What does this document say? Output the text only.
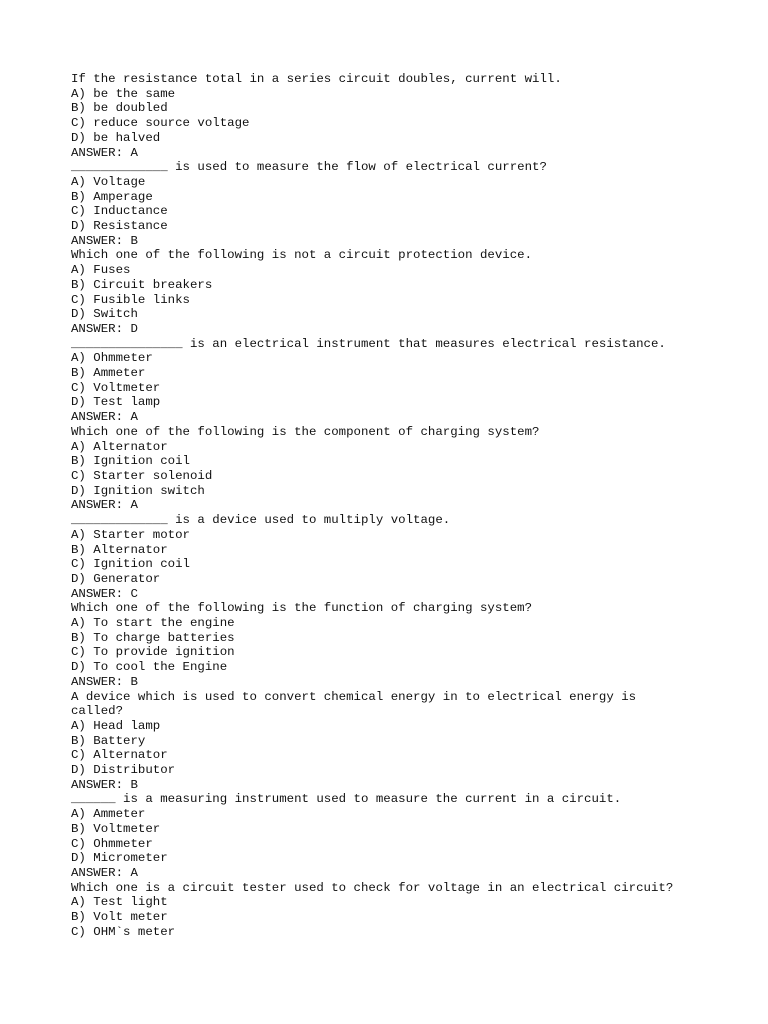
If the resistance total in a series circuit doubles, current will.

A) be the same

B) be doubled

C) reduce source voltage

D) be halved

ANSWER: A

_____________ is used to measure the flow of electrical current?

A) Voltage

B) Amperage

C) Inductance

D) Resistance

ANSWER: B

Which one of the following is not a circuit protection device.

A) Fuses

B) Circuit breakers

C) Fusible links

D) Switch

ANSWER: D

_______________ is an electrical instrument that measures electrical resistance.

A) Ohmmeter

B) Ammeter

C) Voltmeter

D) Test lamp

ANSWER: A

Which one of the following is the component of charging system?

A) Alternator

B) Ignition coil

C) Starter solenoid

D) Ignition switch

ANSWER: A

_____________ is a device used to multiply voltage.

A) Starter motor

B) Alternator

C) Ignition coil

D) Generator

ANSWER: C

Which one of the following is the function of charging system?

A) To start the engine

B) To charge batteries

C) To provide ignition

D) To cool the Engine

ANSWER: B

A device which is used to convert chemical energy in to electrical energy is called?

A) Head lamp

B) Battery

C) Alternator

D) Distributor

ANSWER: B

______ is a measuring instrument used to measure the current in a circuit.

A) Ammeter

B) Voltmeter

C) Ohmmeter

D) Micrometer

ANSWER: A

Which one is a circuit tester used to check for voltage in an electrical circuit?

A) Test light

B) Volt meter

C) OHM`s meter
